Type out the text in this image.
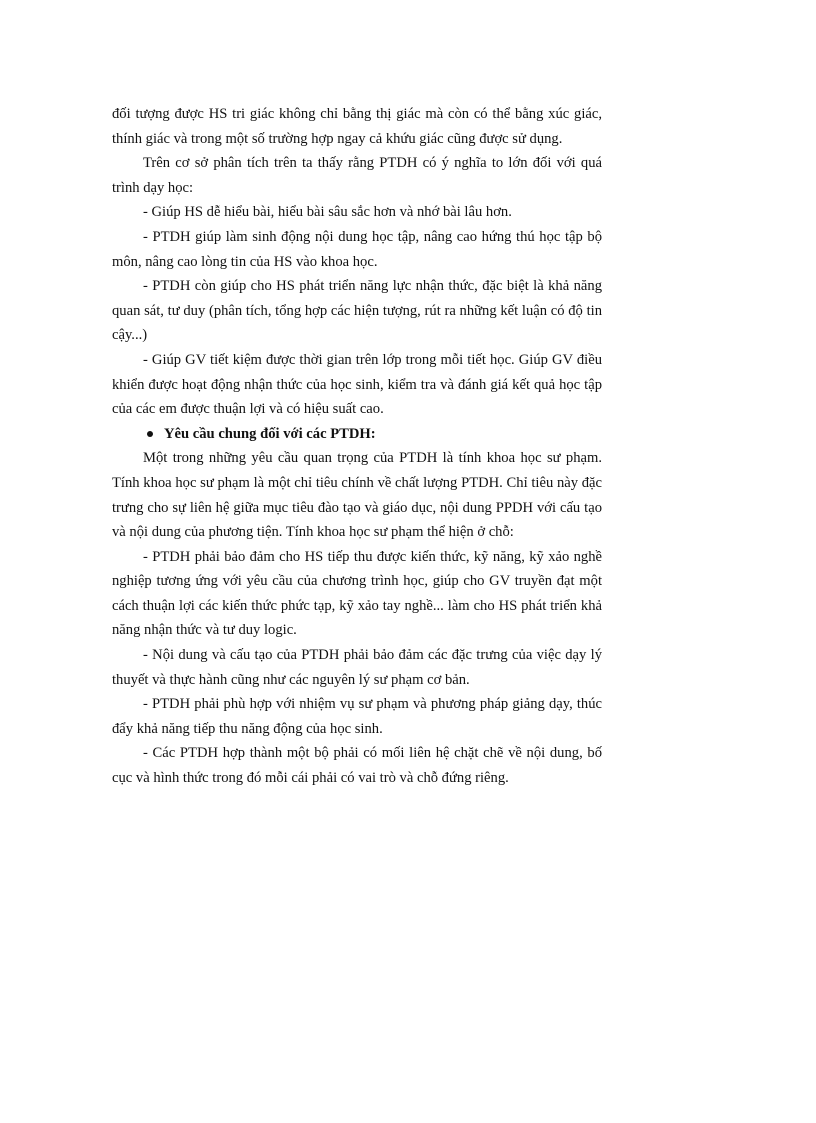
đối tượng được HS tri giác không chỉ bằng thị giác mà còn có thể bằng xúc giác, thính giác và trong một số trường hợp ngay cả khứu giác cũng được sử dụng.

Trên cơ sở phân tích trên ta thấy rằng PTDH có ý nghĩa to lớn đối với quá trình dạy học:

- Giúp HS dễ hiểu bài, hiểu bài sâu sắc hơn và nhớ bài lâu hơn.

- PTDH giúp làm sinh động nội dung học tập, nâng cao hứng thú học tập bộ môn, nâng cao lòng tin của HS vào khoa học.

- PTDH còn giúp cho HS phát triển năng lực nhận thức, đặc biệt là khả năng quan sát, tư duy (phân tích, tổng hợp các hiện tượng, rút ra những kết luận có độ tin cậy...)

- Giúp GV tiết kiệm được thời gian trên lớp trong mỗi tiết học. Giúp GV điều khiển được hoạt động nhận thức của học sinh, kiểm tra và đánh giá kết quả học tập của các em được thuận lợi và có hiệu suất cao.

Yêu cầu chung đối với các PTDH:

Một trong những yêu cầu quan trọng của PTDH là tính khoa học sư phạm. Tính khoa học sư phạm là một chỉ tiêu chính về chất lượng PTDH. Chỉ tiêu này đặc trưng cho sự liên hệ giữa mục tiêu đào tạo và giáo dục, nội dung PPDH với cấu tạo và nội dung của phương tiện. Tính khoa học sư phạm thể hiện ở chỗ:

- PTDH phải bảo đảm cho HS tiếp thu được kiến thức, kỹ năng, kỹ xảo nghề nghiệp tương ứng với yêu cầu của chương trình học, giúp cho GV truyền đạt một cách thuận lợi các kiến thức phức tạp, kỹ xảo tay nghề... làm cho HS phát triển khả năng nhận thức và tư duy logic.

- Nội dung và cấu tạo của PTDH phải bảo đảm các đặc trưng của việc dạy lý thuyết và thực hành cũng như các nguyên lý sư phạm cơ bản.

- PTDH phải phù hợp với nhiệm vụ sư phạm và phương pháp giảng dạy, thúc đẩy khả năng tiếp thu năng động của học sinh.

- Các PTDH hợp thành một bộ phải có mối liên hệ chặt chẽ về nội dung, bố cục và hình thức trong đó mỗi cái phải có vai trò và chỗ đứng riêng.
